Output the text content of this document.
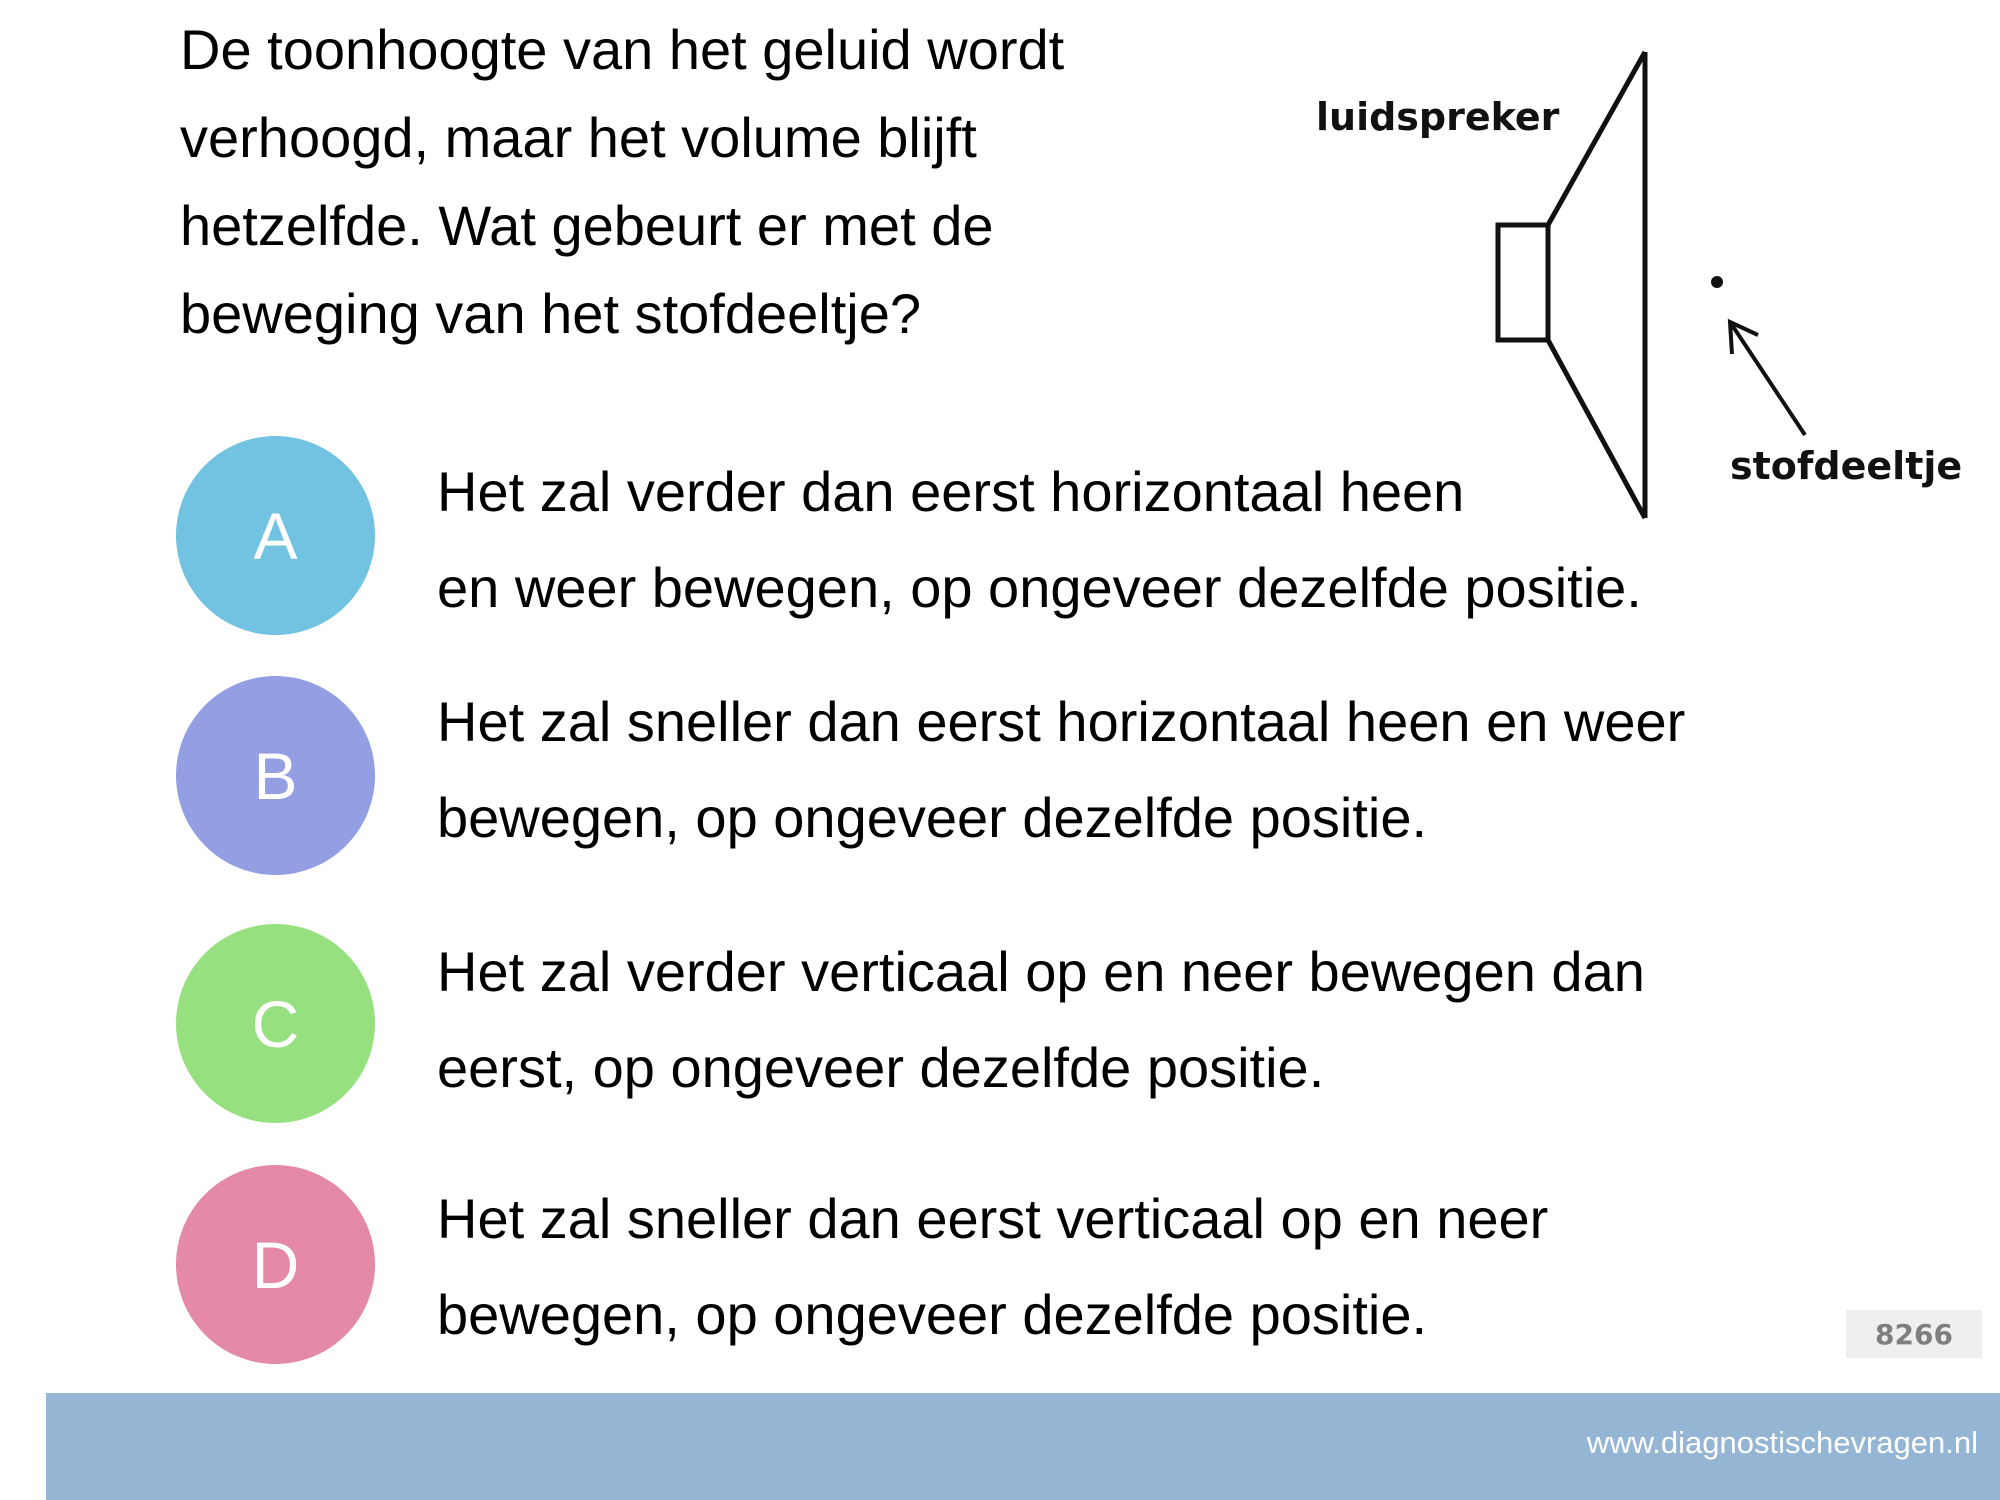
De toonhoogte van het geluid wordt
verhoogd, maar het volume blijft
hetzelfde. Wat gebeurt er met de
beweging van het stofdeeltje?

luidspreker
stofdeeltje
A

Het zal verder dan eerst horizontaal heen
en weer bewegen, op ongeveer dezelfde positie.

B

Het zal sneller dan eerst horizontaal heen en weer
bewegen, op ongeveer dezelfde positie.

C

Het zal verder verticaal op en neer bewegen dan
eerst, op ongeveer dezelfde positie.

D

Het zal sneller dan eerst verticaal op en neer
bewegen, op ongeveer dezelfde positie.	8266
www.diagnostischevragen.nl
